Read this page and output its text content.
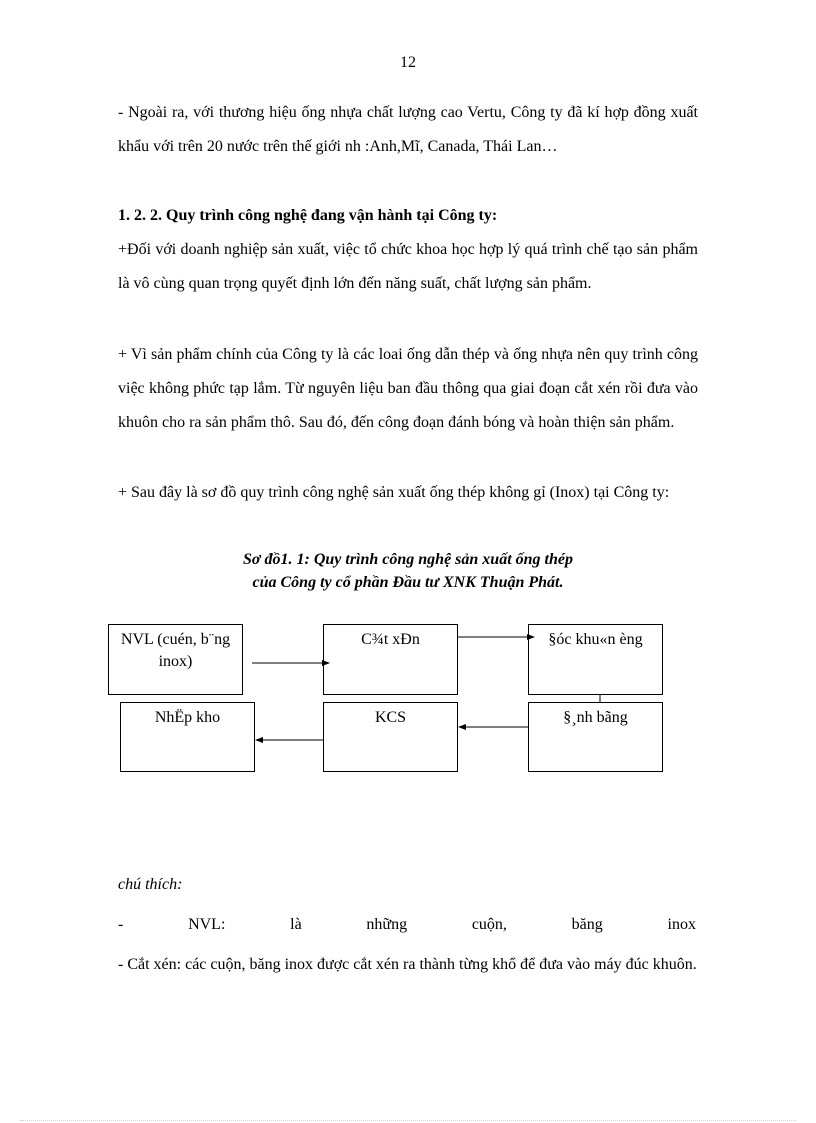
12
- Ngoài ra, với thương hiệu ống nhựa chất lượng cao Vertu, Công ty đã kí hợp đồng xuất khẩu với trên 20 nước trên thế giới nh :Anh,Mĩ, Canada, Thái Lan…
1. 2. 2. Quy trình công nghệ đang vận hành tại Công ty:
+Đối với doanh nghiệp sản xuất, việc tổ chức khoa học hợp lý quá trình chế tạo sản phẩm là vô cùng quan trọng quyết định lớn đến năng suất, chất lượng sản phẩm.
+ Vì sản phẩm chính của Công ty là các loai ống dẫn thép và ống nhựa nên quy trình công việc không phức tạp lắm. Từ nguyên liệu ban đầu thông qua giai đoạn cắt xén rồi đưa vào khuôn cho ra sản phẩm thô. Sau đó, đến công đoạn đánh bóng và hoàn thiện sản phẩm.
+ Sau đây là sơ đồ quy trình công nghệ sản xuất ống thép không gỉ (Inox) tại Công ty:
Sơ đồ1. 1: Quy trình công nghệ sản xuất ống thép
của Công ty cổ phần Đầu tư XNK Thuận Phát.
NVL (cuén, b¨ng inox)
C¾t xÐn	§óc khu«n èng
NhËp kho	KCS	§¸nh bãng
chú thích:
-	NVL:	là	những	cuộn,	băng	inox
- Cắt xén: các cuộn, băng inox được cắt xén ra thành từng khổ để đưa vào máy đúc khuôn.
